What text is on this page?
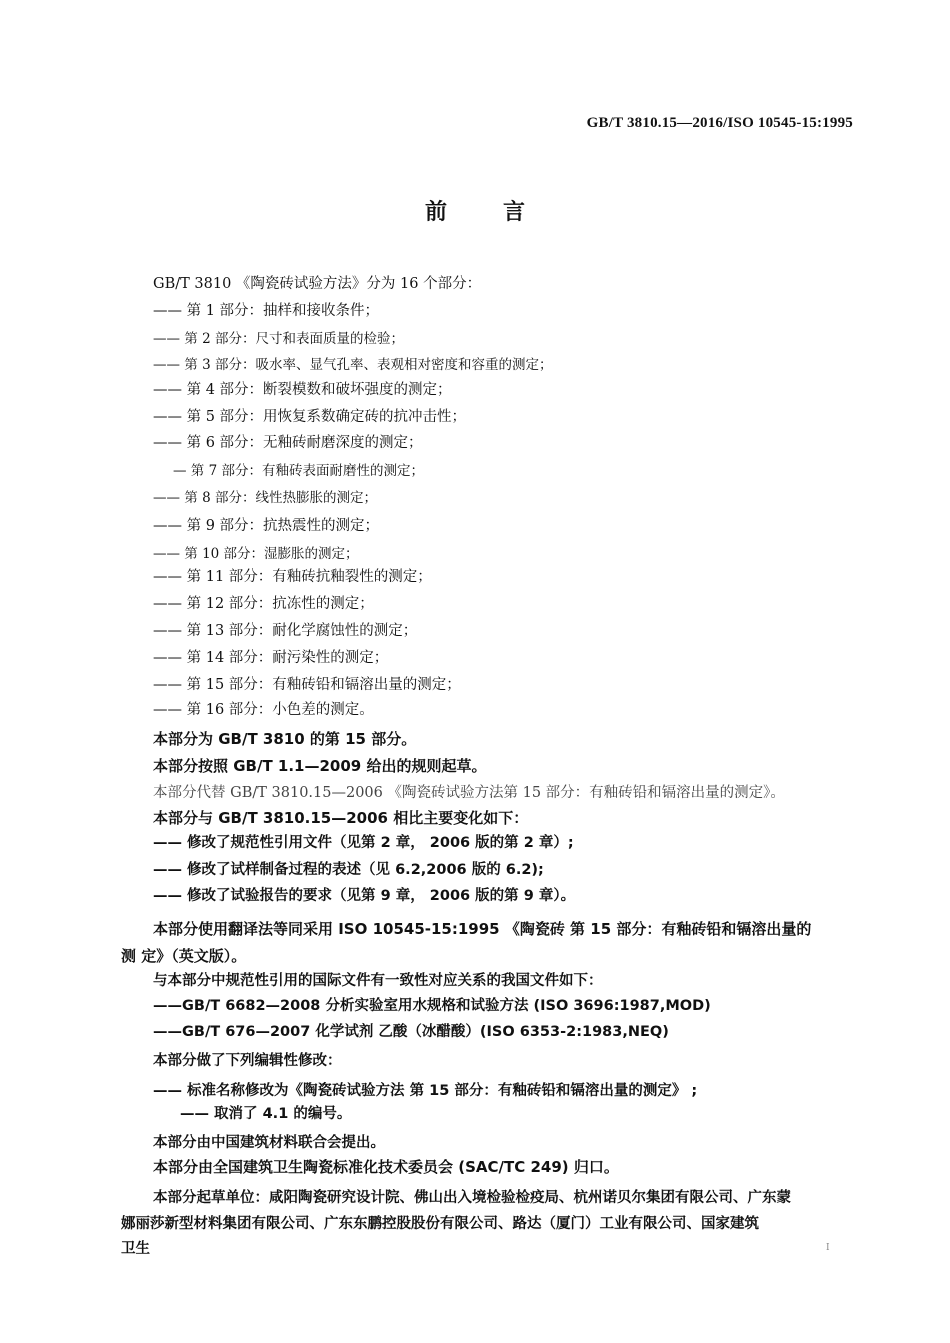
GB/T 3810.15—2016/ISO 10545-15:1995
前言
GB/T 3810 《陶瓷砖试验方法》分为 16 个部分：
—— 第 1 部分：抽样和接收条件；
—— 第 2 部分：尺寸和表面质量的检验；
—— 第 3 部分：吸水率、显气孔率、表观相对密度和容重的测定；
—— 第 4 部分：断裂模数和破坏强度的测定；
—— 第 5 部分：用恢复系数确定砖的抗冲击性；
—— 第 6 部分：无釉砖耐磨深度的测定；
— 第 7 部分：有釉砖表面耐磨性的测定；
—— 第 8 部分：线性热膨胀的测定；
—— 第 9 部分：抗热震性的测定；
—— 第 10 部分：湿膨胀的测定；
—— 第 11 部分：有釉砖抗釉裂性的测定；
—— 第 12 部分：抗冻性的测定；
—— 第 13 部分：耐化学腐蚀性的测定；
—— 第 14 部分：耐污染性的测定；
—— 第 15 部分：有釉砖铅和镉溶出量的测定；
—— 第 16 部分：小色差的测定。
本部分为 GB/T 3810 的第 15 部分。
本部分按照 GB/T 1.1—2009 给出的规则起草。
本部分代替 GB/T 3810.15—2006 《陶瓷砖试验方法第 15 部分：有釉砖铅和镉溶出量的测定》。
本部分与 GB/T 3810.15—2006 相比主要变化如下：
—— 修改了规范性引用文件（见第 2 章， 2006 版的第 2 章）;
—— 修改了试样制备过程的表述（见 6.2,2006 版的 6.2);
—— 修改了试验报告的要求（见第 9 章， 2006 版的第 9 章）。
本部分使用翻译法等同采用 ISO 10545-15:1995 《陶瓷砖 第 15 部分：有釉砖铅和镉溶出量的
测 定》（英文版）。
与本部分中规范性引用的国际文件有一致性对应关系的我国文件如下：
——GB/T 6682—2008 分析实验室用水规格和试验方法 (ISO 3696:1987,MOD)
——GB/T 676—2007 化学试剂 乙酸（冰醋酸）(ISO 6353-2:1983,NEQ)
本部分做了下列编辑性修改：
—— 标准名称修改为《陶瓷砖试验方法 第 15 部分：有釉砖铅和镉溶出量的测定》 ;
—— 取消了 4.1 的编号。
本部分由中国建筑材料联合会提出。
本部分由全国建筑卫生陶瓷标准化技术委员会 (SAC/TC 249) 归口。
本部分起草单位：咸阳陶瓷研究设计院、佛山出入境检验检疫局、杭州诺贝尔集团有限公司、广东蒙
娜丽莎新型材料集团有限公司、广东东鹏控股股份有限公司、路达（厦门）工业有限公司、国家建筑
卫生	I
